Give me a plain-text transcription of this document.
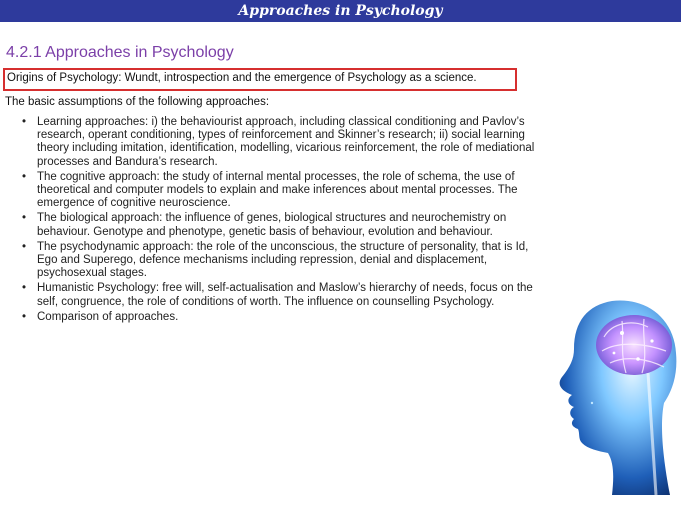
Approaches in Psychology
4.2.1 Approaches in Psychology
Origins of Psychology: Wundt, introspection and the emergence of Psychology as a science.
The basic assumptions of the following approaches:
• Learning approaches: i) the behaviourist approach, including classical conditioning and Pavlov’s research, operant conditioning, types of reinforcement and Skinner’s research; ii) social learning theory including imitation, identification, modelling, vicarious reinforcement, the role of mediational processes and Bandura’s research.
• The cognitive approach: the study of internal mental processes, the role of schema, the use of theoretical and computer models to explain and make inferences about mental processes. The emergence of cognitive neuroscience.
• The biological approach: the influence of genes, biological structures and neurochemistry on behaviour. Genotype and phenotype, genetic basis of behaviour, evolution and behaviour.
• The psychodynamic approach: the role of the unconscious, the structure of personality, that is Id, Ego and Superego, defence mechanisms including repression, denial and displacement, psychosexual stages.
• Humanistic Psychology: free will, self-actualisation and Maslow’s hierarchy of needs, focus on the self, congruence, the role of conditions of worth. The influence on counselling Psychology.
• Comparison of approaches.
